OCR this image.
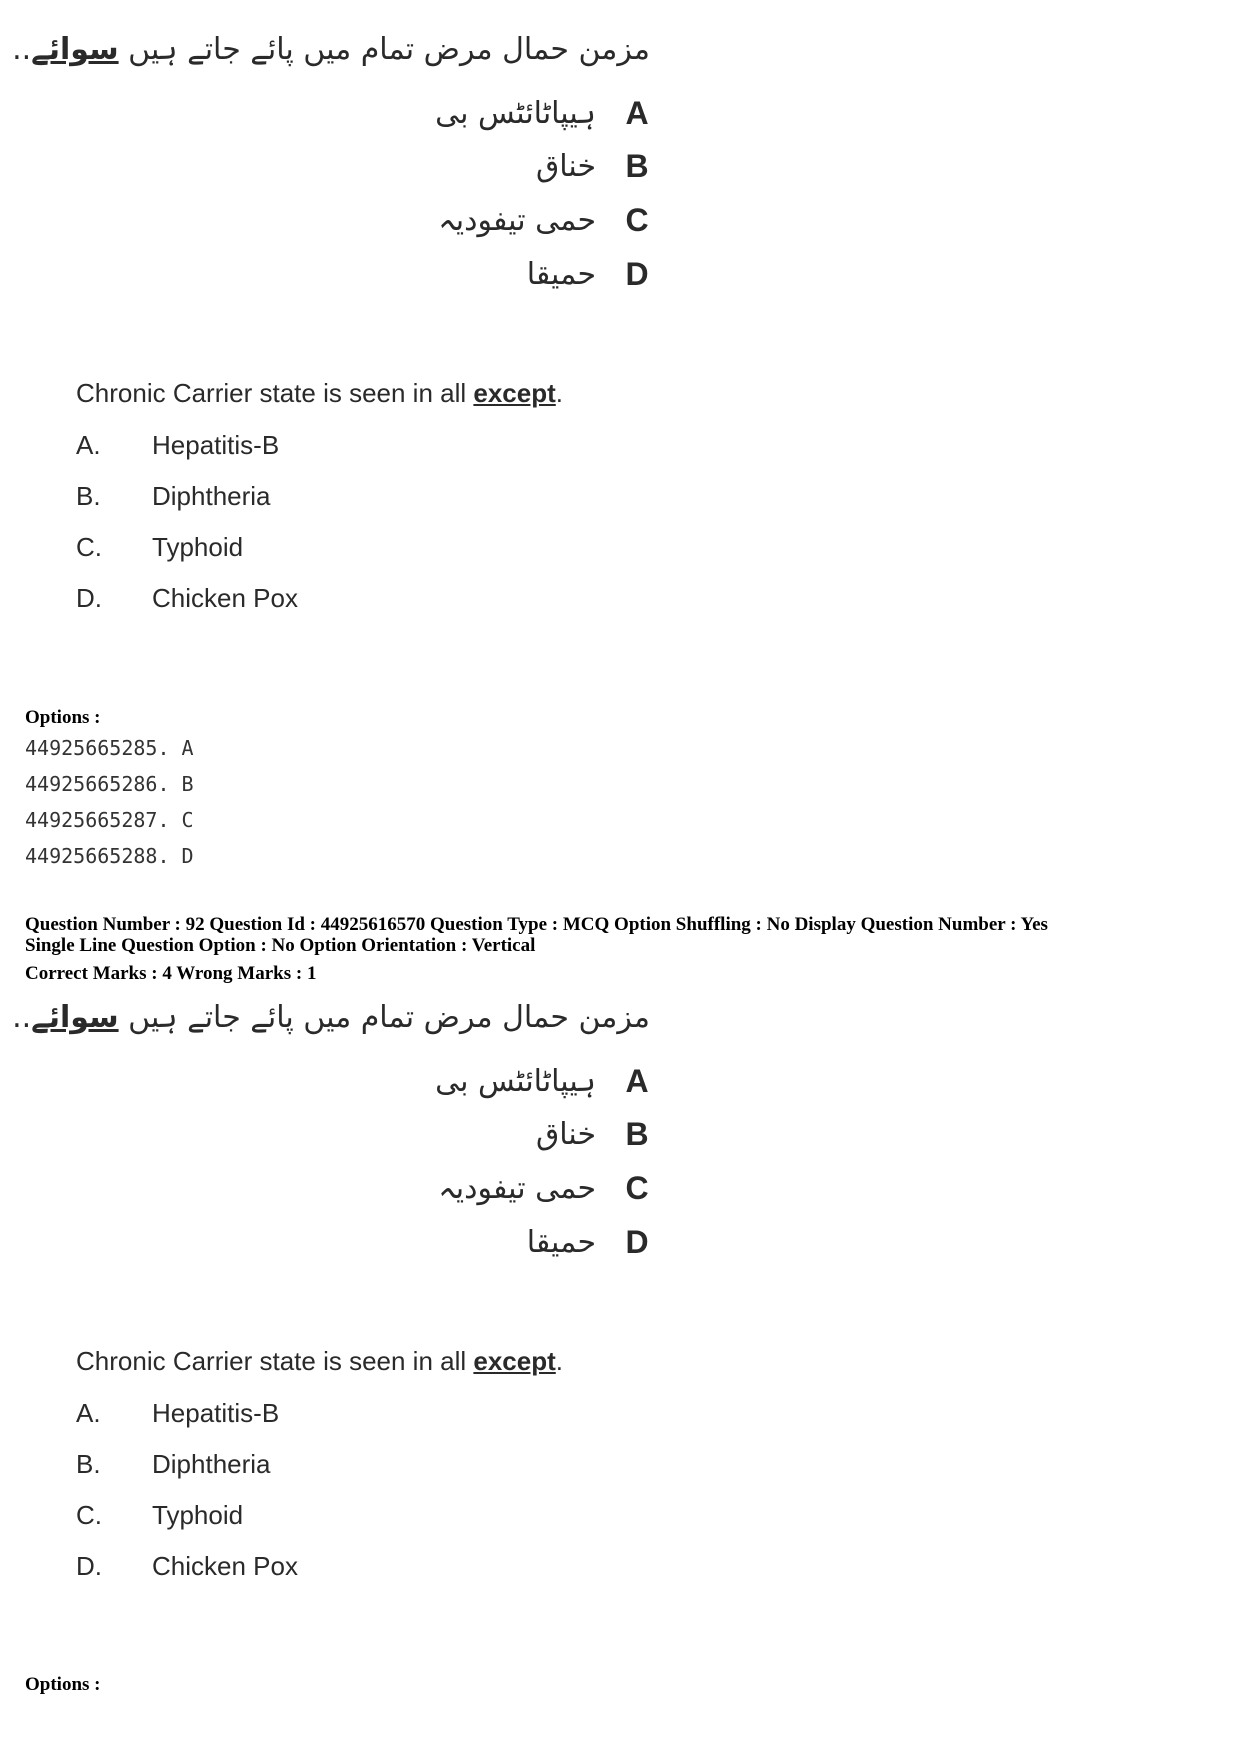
مزمن حمال مرض تمام میں پائے جاتے ہیں سوائے..
ہیپاٹائٹس بی A
خناق B
حمی تیفودیہ C
حمیقا D
Chronic Carrier state is seen in all except.
A.	Hepatitis-B
B.	Diphtheria
C.	Typhoid
D.	Chicken Pox
Options :
44925665285. A
44925665286. B
44925665287. C
44925665288. D
Question Number : 92 Question Id : 44925616570 Question Type : MCQ Option Shuffling : No Display Question Number : Yes
Single Line Question Option : No Option Orientation : Vertical
Correct Marks : 4 Wrong Marks : 1
مزمن حمال مرض تمام میں پائے جاتے ہیں سوائے..
ہیپاٹائٹس بی A
خناق B
حمی تیفودیہ C
حمیقا D
Chronic Carrier state is seen in all except.
A.	Hepatitis-B
B.	Diphtheria
C.	Typhoid
D.	Chicken Pox
Options :
